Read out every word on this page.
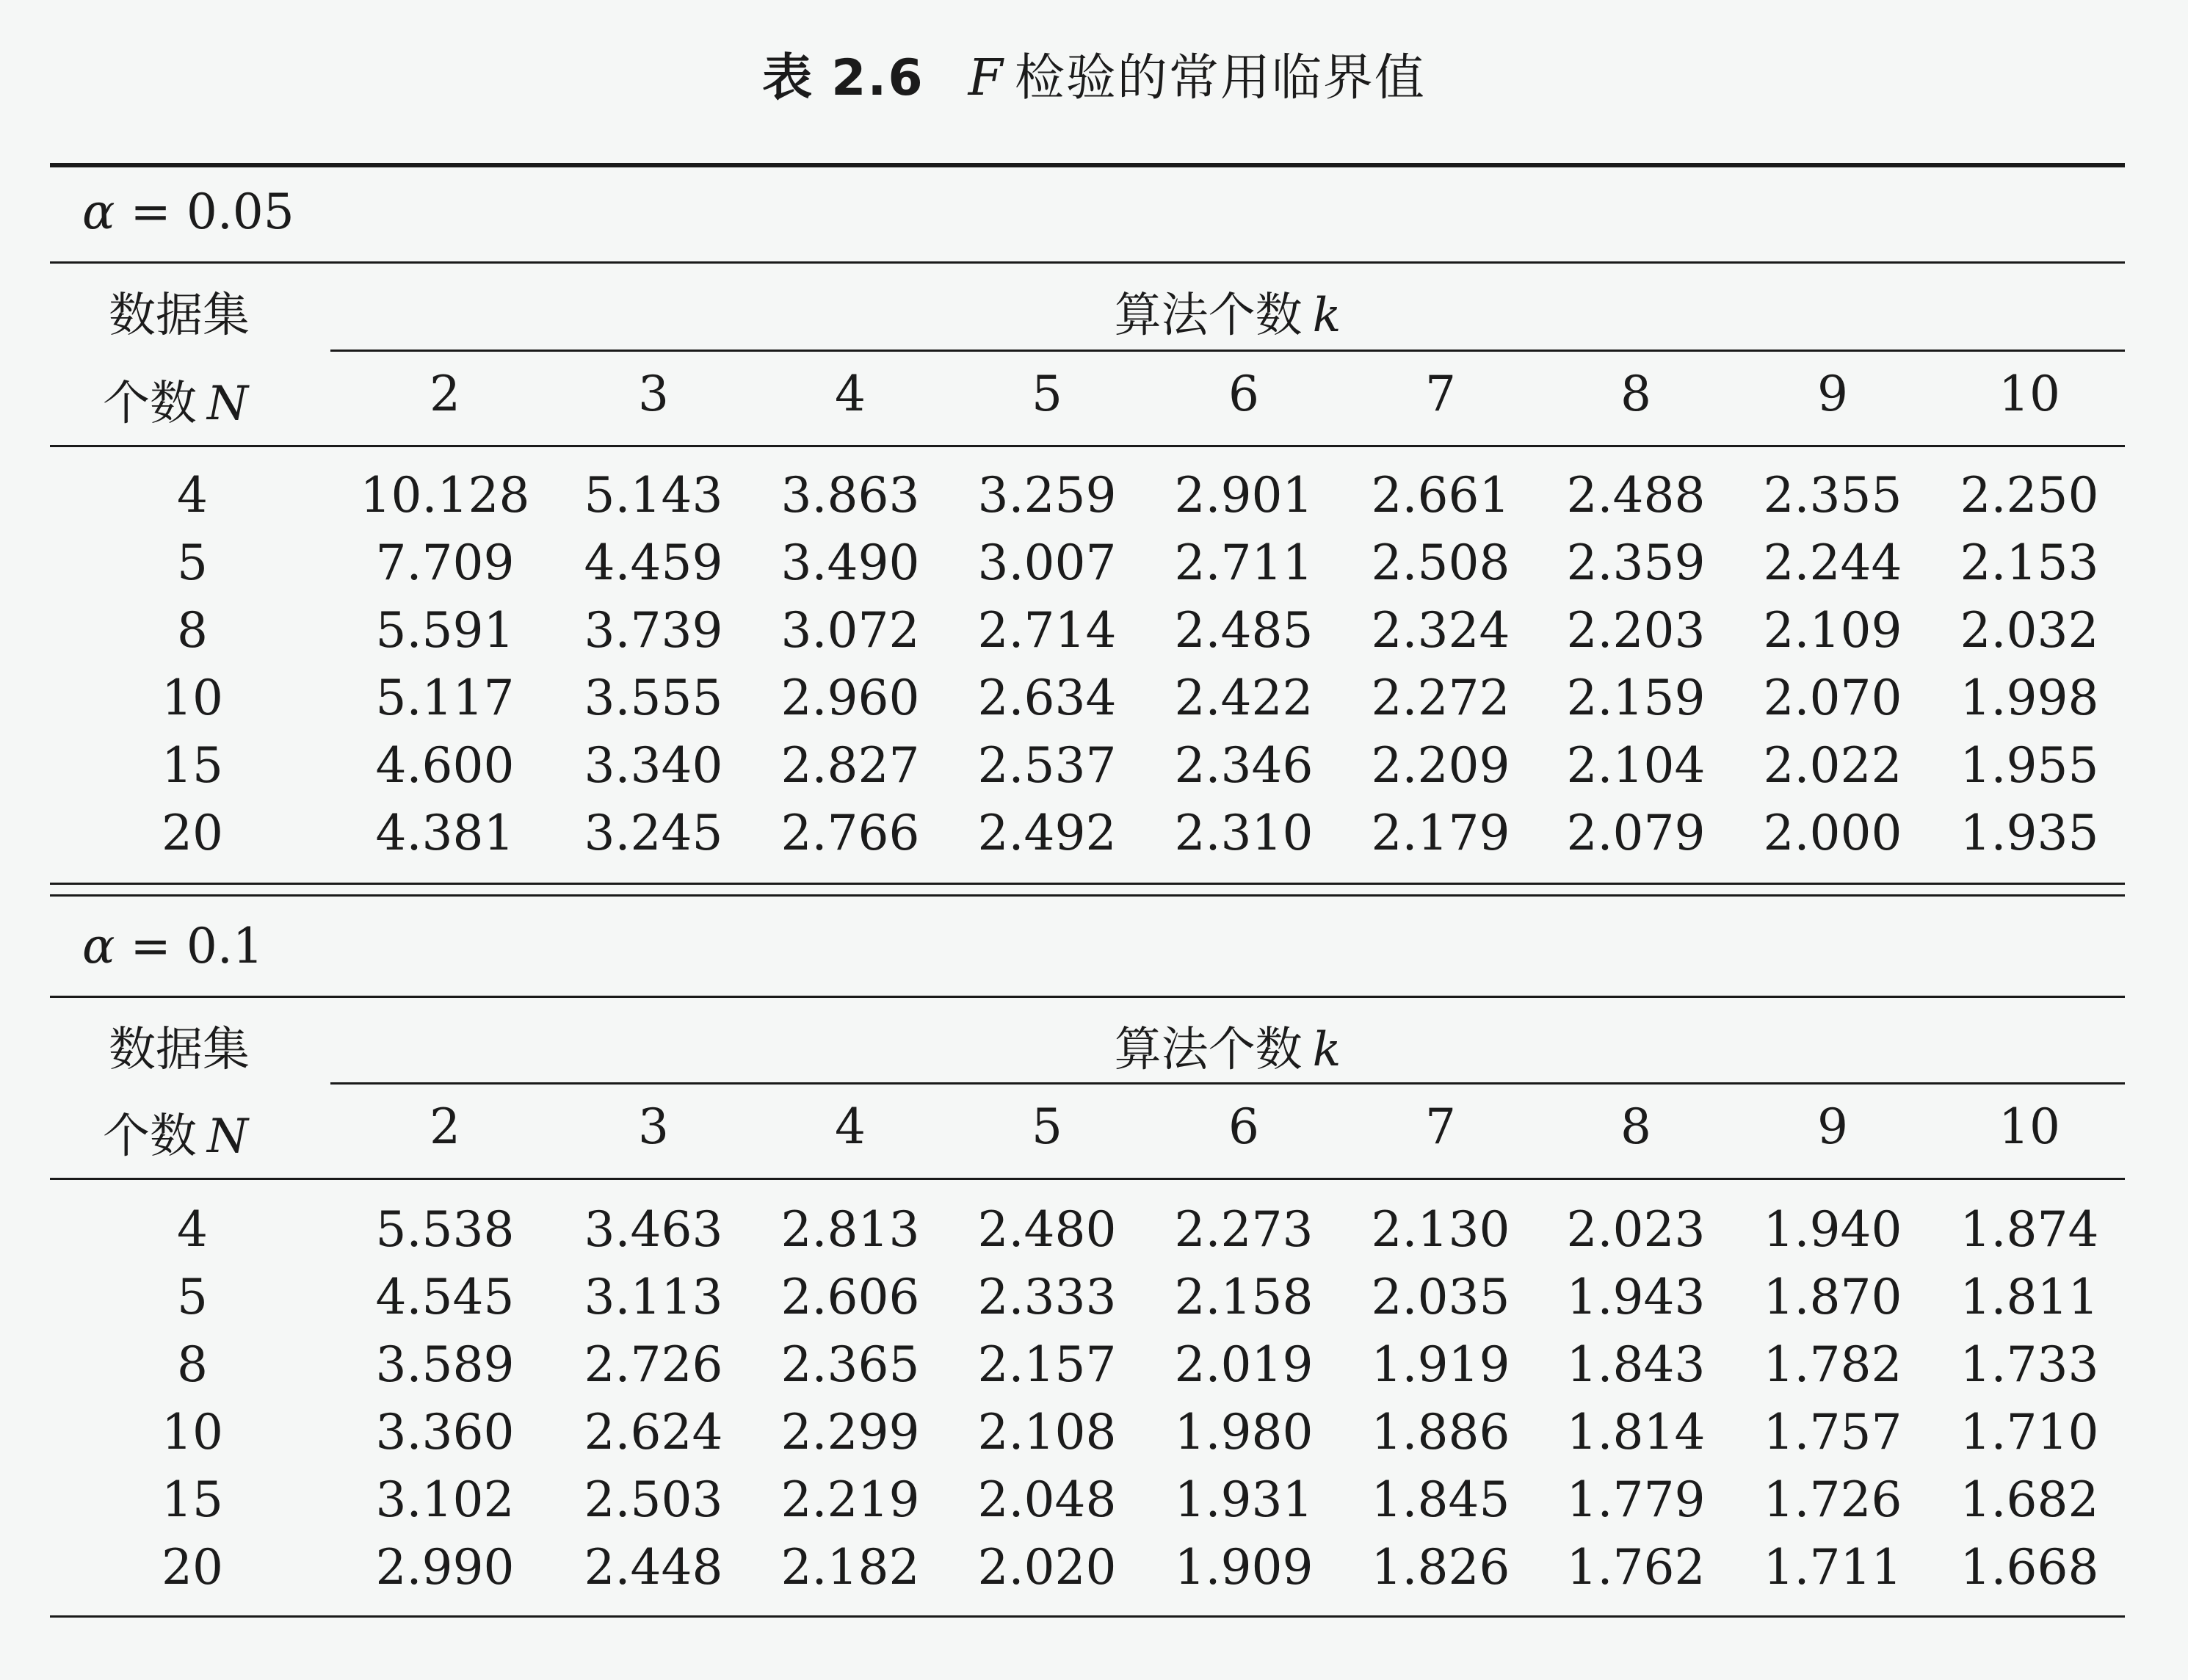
表 2.6 F 检验的常用临界值
α = 0.05
数据集
个数 N
算法个数 k
2	3	4	5	6	7	8	9	10
4	10.128	5.143	3.863	3.259	2.901	2.661	2.488	2.355	2.250
5	7.709	4.459	3.490	3.007	2.711	2.508	2.359	2.244	2.153
8	5.591	3.739	3.072	2.714	2.485	2.324	2.203	2.109	2.032
10	5.117	3.555	2.960	2.634	2.422	2.272	2.159	2.070	1.998
15	4.600	3.340	2.827	2.537	2.346	2.209	2.104	2.022	1.955
20	4.381	3.245	2.766	2.492	2.310	2.179	2.079	2.000	1.935
α = 0.1
数据集
个数 N
算法个数 k
2	3	4	5	6	7	8	9	10
4	5.538	3.463	2.813	2.480	2.273	2.130	2.023	1.940	1.874
5	4.545	3.113	2.606	2.333	2.158	2.035	1.943	1.870	1.811
8	3.589	2.726	2.365	2.157	2.019	1.919	1.843	1.782	1.733
10	3.360	2.624	2.299	2.108	1.980	1.886	1.814	1.757	1.710
15	3.102	2.503	2.219	2.048	1.931	1.845	1.779	1.726	1.682
20	2.990	2.448	2.182	2.020	1.909	1.826	1.762	1.711	1.668
